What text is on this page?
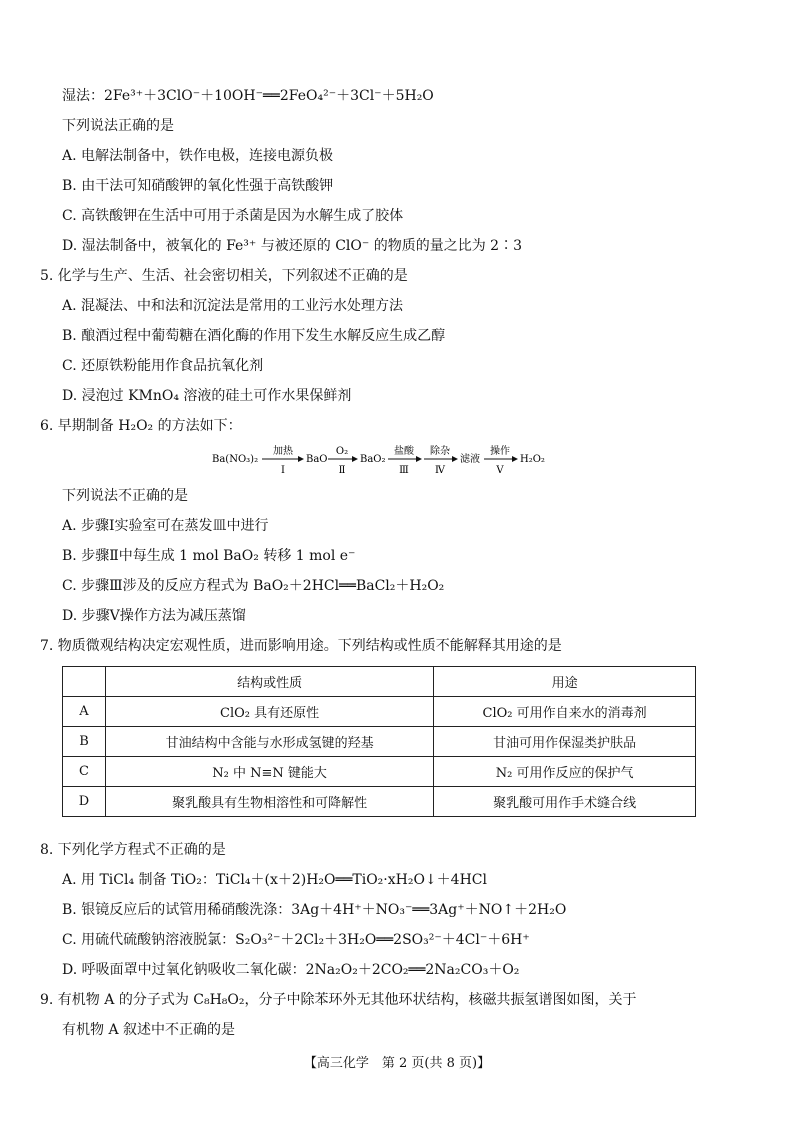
湿法：2Fe³⁺＋3ClO⁻＋10OH⁻══2FeO₄²⁻＋3Cl⁻＋5H₂O
下列说法正确的是
A. 电解法制备中，铁作电极，连接电源负极
B. 由干法可知硝酸钾的氧化性强于高铁酸钾
C. 高铁酸钾在生活中可用于杀菌是因为水解生成了胶体
D. 湿法制备中，被氧化的 Fe³⁺ 与被还原的 ClO⁻ 的物质的量之比为 2∶3
5. 化学与生产、生活、社会密切相关，下列叙述不正确的是
A. 混凝法、中和法和沉淀法是常用的工业污水处理方法
B. 酿酒过程中葡萄糖在酒化酶的作用下发生水解反应生成乙醇
C. 还原铁粉能用作食品抗氧化剂
D. 浸泡过 KMnO₄ 溶液的硅土可作水果保鲜剂
6. 早期制备 H₂O₂ 的方法如下：
Ba(NO₃)₂
加热
Ⅰ
BaO
O₂
Ⅱ
BaO₂
盐酸
Ⅲ
除杂
Ⅳ
滤液
操作
Ⅴ
H₂O₂
下列说法不正确的是
A. 步骤Ⅰ实验室可在蒸发皿中进行
B. 步骤Ⅱ中每生成 1 mol BaO₂ 转移 1 mol e⁻
C. 步骤Ⅲ涉及的反应方程式为 BaO₂＋2HCl══BaCl₂＋H₂O₂
D. 步骤Ⅴ操作方法为减压蒸馏
7. 物质微观结构决定宏观性质，进而影响用途。下列结构或性质不能解释其用途的是
	结构或性质	用途
A	ClO₂ 具有还原性	ClO₂ 可用作自来水的消毒剂
B	甘油结构中含能与水形成氢键的羟基	甘油可用作保湿类护肤品
C	N₂ 中 N≡N 键能大	N₂ 可用作反应的保护气
D	聚乳酸具有生物相溶性和可降解性	聚乳酸可用作手术缝合线
8. 下列化学方程式不正确的是
A. 用 TiCl₄ 制备 TiO₂：TiCl₄＋(x＋2)H₂O══TiO₂·xH₂O↓＋4HCl
B. 银镜反应后的试管用稀硝酸洗涤：3Ag＋4H⁺＋NO₃⁻══3Ag⁺＋NO↑＋2H₂O
C. 用硫代硫酸钠溶液脱氯：S₂O₃²⁻＋2Cl₂＋3H₂O══2SO₃²⁻＋4Cl⁻＋6H⁺
D. 呼吸面罩中过氧化钠吸收二氧化碳：2Na₂O₂＋2CO₂══2Na₂CO₃＋O₂
9. 有机物 A 的分子式为 C₈H₈O₂，分子中除苯环外无其他环状结构，核磁共振氢谱图如图，关于
有机物 A 叙述中不正确的是
【高三化学　第 2 页(共 8 页)】
